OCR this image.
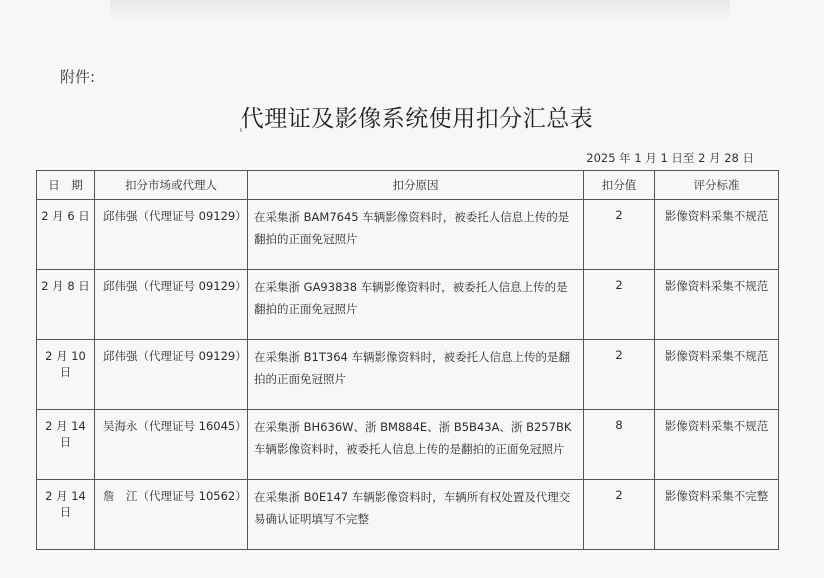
附件:
代理证及影像系统使用扣分汇总表
2025 年 1 月 1 日至 2 月 28 日
日　期	扣分市场或代理人	扣分原因	扣分值	评分标准
2 月 6 日	邱伟强（代理证号 09129）	在采集浙 BAM7645 车辆影像资料时，被委托人信息上传的是翻拍的正面免冠照片	2	影像资料采集不规范
2 月 8 日	邱伟强（代理证号 09129）	在采集浙 GA93838 车辆影像资料时，被委托人信息上传的是翻拍的正面免冠照片	2	影像资料采集不规范
2 月 10 日	邱伟强（代理证号 09129）	在采集浙 B1T364 车辆影像资料时，被委托人信息上传的是翻拍的正面免冠照片	2	影像资料采集不规范
2 月 14 日	吴海永（代理证号 16045）	在采集浙 BH636W、浙 BM884E、浙 B5B43A、浙 B257BK 车辆影像资料时，被委托人信息上传的是翻拍的正面免冠照片	8	影像资料采集不规范
2 月 14 日	詹　江（代理证号 10562）	在采集浙 B0E147 车辆影像资料时，车辆所有权处置及代理交易确认证明填写不完整	2	影像资料采集不完整
